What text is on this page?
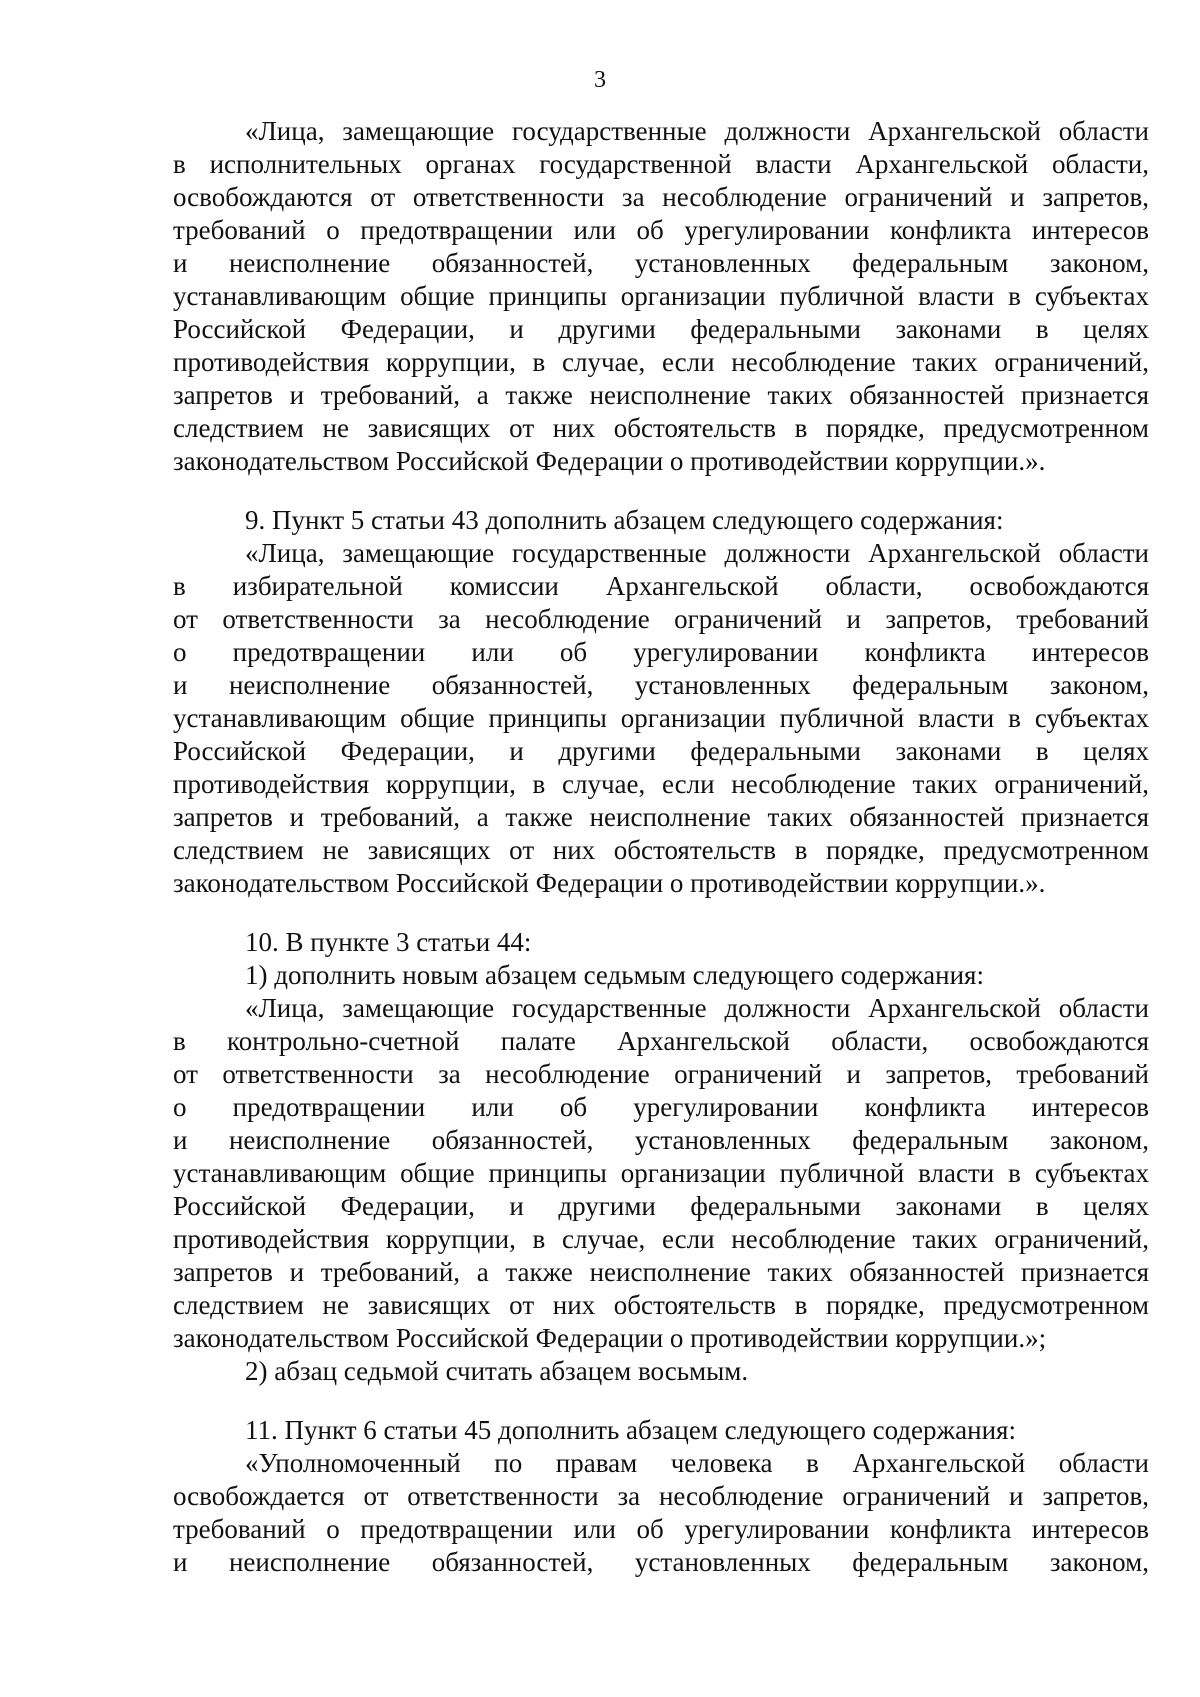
3
«Лица, замещающие государственные должности Архангельской области
в исполнительных органах государственной власти Архангельской области,
освобождаются от ответственности за несоблюдение ограничений и запретов,
требований о предотвращении или об урегулировании конфликта интересов
и неисполнение обязанностей, установленных федеральным законом,
устанавливающим общие принципы организации публичной власти в субъектах
Российской Федерации, и другими федеральными законами в целях
противодействия коррупции, в случае, если несоблюдение таких ограничений,
запретов и требований, а также неисполнение таких обязанностей признается
следствием не зависящих от них обстоятельств в порядке, предусмотренном
законодательством Российской Федерации о противодействии коррупции.».
9. Пункт 5 статьи 43 дополнить абзацем следующего содержания:
«Лица, замещающие государственные должности Архангельской области
в избирательной комиссии Архангельской области, освобождаются
от ответственности за несоблюдение ограничений и запретов, требований
о предотвращении или об урегулировании конфликта интересов
и неисполнение обязанностей, установленных федеральным законом,
устанавливающим общие принципы организации публичной власти в субъектах
Российской Федерации, и другими федеральными законами в целях
противодействия коррупции, в случае, если несоблюдение таких ограничений,
запретов и требований, а также неисполнение таких обязанностей признается
следствием не зависящих от них обстоятельств в порядке, предусмотренном
законодательством Российской Федерации о противодействии коррупции.».
10. В пункте 3 статьи 44:
1) дополнить новым абзацем седьмым следующего содержания:
«Лица, замещающие государственные должности Архангельской области
в контрольно-счетной палате Архангельской области, освобождаются
от ответственности за несоблюдение ограничений и запретов, требований
о предотвращении или об урегулировании конфликта интересов
и неисполнение обязанностей, установленных федеральным законом,
устанавливающим общие принципы организации публичной власти в субъектах
Российской Федерации, и другими федеральными законами в целях
противодействия коррупции, в случае, если несоблюдение таких ограничений,
запретов и требований, а также неисполнение таких обязанностей признается
следствием не зависящих от них обстоятельств в порядке, предусмотренном
законодательством Российской Федерации о противодействии коррупции.»;
2) абзац седьмой считать абзацем восьмым.
11. Пункт 6 статьи 45 дополнить абзацем следующего содержания:
«Уполномоченный по правам человека в Архангельской области
освобождается от ответственности за несоблюдение ограничений и запретов,
требований о предотвращении или об урегулировании конфликта интересов
и неисполнение обязанностей, установленных федеральным законом,
